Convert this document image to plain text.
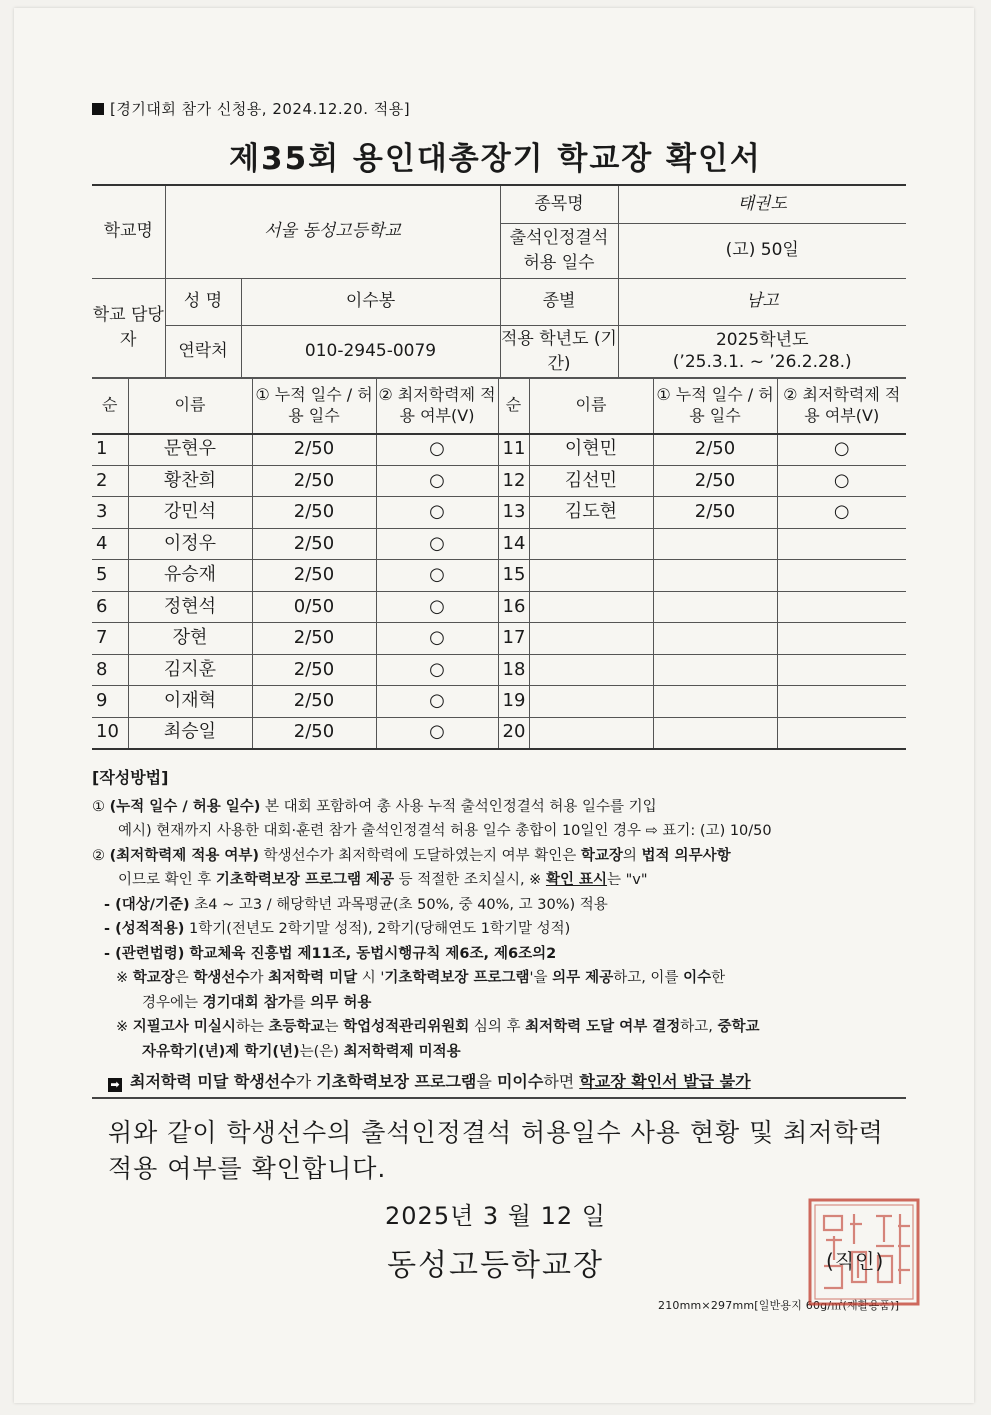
[경기대회 참가 신청용, 2024.12.20. 적용]
제35회 용인대총장기 학교장 확인서
학교명	서울 동성고등학교		종목명	태권도
			출석인정결석 허용 일수	(고) 50일
학교 담당자	성 명	이수봉	종별	남고
	연락처	010-2945-0079	적용 학년도 (기간)	2025학년도
(’25.3.1. ~ ’26.2.28.)
순	이름	① 누적 일수 / 허용 일수	② 최저학력제 적용 여부(V)	순	이름	① 누적 일수 / 허용 일수	② 최저학력제 적용 여부(V)
1	문현우	2/50	○	11	이현민	2/50	○
2	황찬희	2/50	○	12	김선민	2/50	○
3	강민석	2/50	○	13	김도현	2/50	○
4	이정우	2/50	○	14			
5	유승재	2/50	○	15			
6	정현석	0/50	○	16			
7	장현	2/50	○	17			
8	김지훈	2/50	○	18			
9	이재혁	2/50	○	19			
10	최승일	2/50	○	20			
[작성방법]
① (누적 일수 / 허용 일수) 본 대회 포함하여 총 사용 누적 출석인정결석 허용 일수를 기입
예시) 현재까지 사용한 대회·훈련 참가 출석인정결석 허용 일수 총합이 10일인 경우 ⇨ 표기: (고) 10/50
② (최저학력제 적용 여부) 학생선수가 최저학력에 도달하였는지 여부 확인은 학교장의 법적 의무사항
이므로 확인 후 기초학력보장 프로그램 제공 등 적절한 조치실시, ※ 확인 표시는 "v"
- (대상/기준) 초4 ~ 고3 / 해당학년 과목평균(초 50%, 중 40%, 고 30%) 적용
- (성적적용) 1학기(전년도 2학기말 성적), 2학기(당해연도 1학기말 성적)
- (관련법령) 학교체육 진흥법 제11조, 동법시행규칙 제6조, 제6조의2
※ 학교장은 학생선수가 최저학력 미달 시 '기초학력보장 프로그램'을 의무 제공하고, 이를 이수한
경우에는 경기대회 참가를 의무 허용
※ 지필고사 미실시하는 초등학교는 학업성적관리위원회 심의 후 최저학력 도달 여부 결정하고, 중학교
자유학기(년)제 학기(년)는(은) 최저학력제 미적용
➡ 최저학력 미달 학생선수가 기초학력보장 프로그램을 미이수하면 학교장 확인서 발급 불가
위와 같이 학생선수의 출석인정결석 허용일수 사용 현황 및 최저학력
적용 여부를 확인합니다.
2025년 3 월 12 일
동성고등학교장	(직인)
210mm×297mm[일반용지 60g/㎡(재활용품)]
